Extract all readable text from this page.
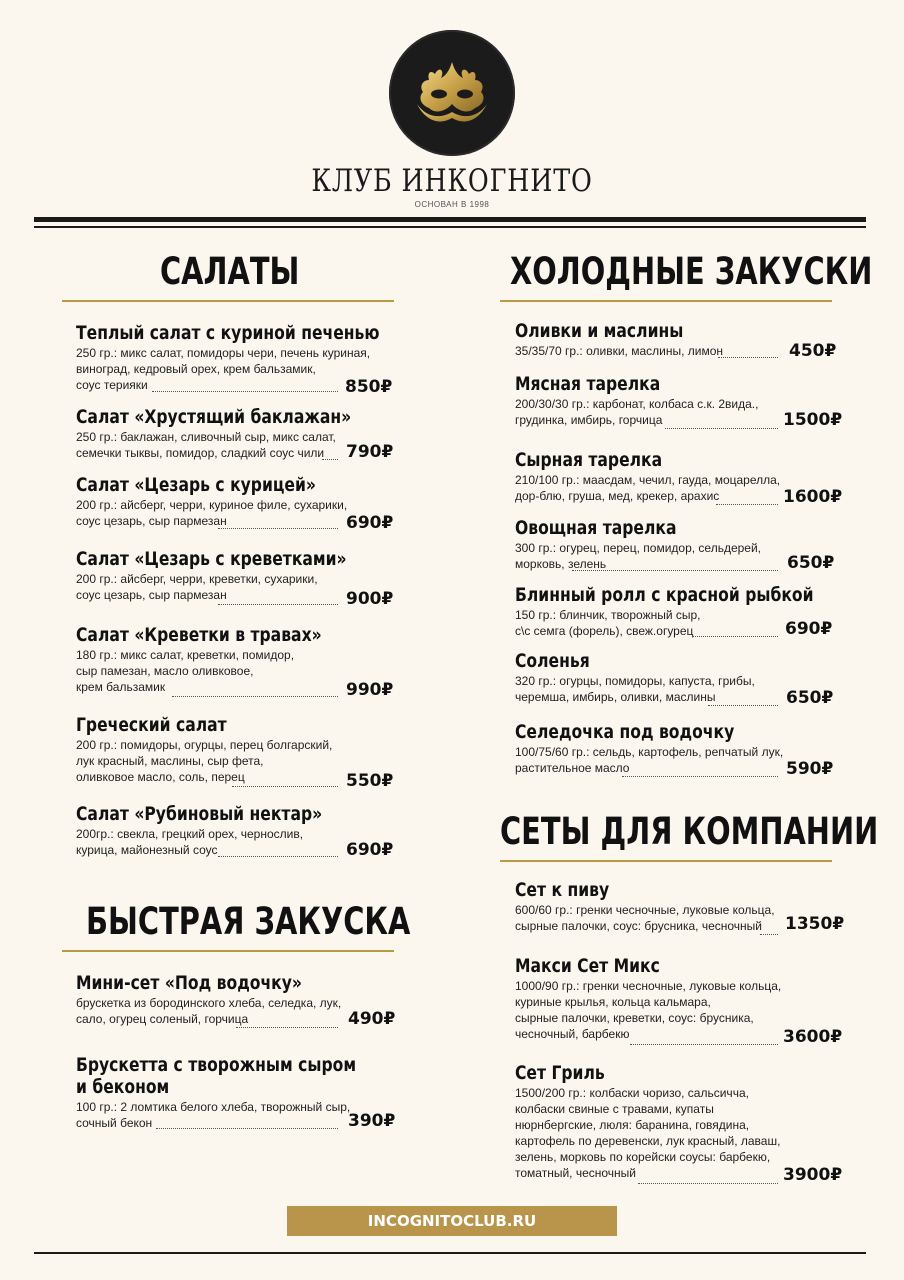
КЛУБ ИНКОГНИТО
ОСНОВАН В 1998
САЛАТЫ
Теплый салат с куриной печенью
250 гр.: микс салат, помидоры чери, печень куриная,
виноград, кедровый орех, крем бальзамик,
соус терияки	850₽
Салат «Хрустящий баклажан»
250 гр.: баклажан, сливочный сыр, микс салат,
семечки тыквы, помидор, сладкий соус чили	790₽
Салат «Цезарь с курицей»
200 гр.: айсберг, черри, куриное филе, сухарики,
соус цезарь, сыр пармезан	690₽
Салат «Цезарь с креветками»
200 гр.: айсберг, черри, креветки, сухарики,
соус цезарь, сыр пармезан	900₽
Салат «Креветки в травах»
180 гр.: микс салат, креветки, помидор,
сыр памезан, масло оливковое,
крем бальзамик	990₽
Греческий салат
200 гр.: помидоры, огурцы, перец болгарский,
лук красный, маслины, сыр фета,
оливковое масло, соль, перец	550₽
Салат «Рубиновый нектар»
200гр.: свекла, грецкий орех, чернослив,
курица, майонезный соус	690₽
БЫСТРАЯ ЗАКУСКА
Мини-сет «Под водочку»
брускетка из бородинского хлеба, селедка, лук,
сало, огурец соленый, горчица	490₽
Брускетта с творожным сыром
и беконом
100 гр.: 2 ломтика белого хлеба, творожный сыр,
сочный бекон	390₽
ХОЛОДНЫЕ ЗАКУСКИ
Оливки и маслины
35/35/70 гр.: оливки, маслины, лимон	450₽
Мясная тарелка
200/30/30 гр.: карбонат, колбаса с.к. 2вида.,
грудинка, имбирь, горчица	1500₽
Сырная тарелка
210/100 гр.: маасдам, чечил, гауда, моцарелла,
дор-блю, груша, мед, крекер, арахис	1600₽
Овощная тарелка
300 гр.: огурец, перец, помидор, сельдерей,
морковь, зелень	650₽
Блинный ролл с красной рыбкой
150 гр.: блинчик, творожный сыр,
с\с семга (форель), свеж.огурец	690₽
Соленья
320 гр.: огурцы, помидоры, капуста, грибы,
черемша, имбирь, оливки, маслины	650₽
Селедочка под водочку
100/75/60 гр.: сельдь, картофель, репчатый лук,
растительное масло	590₽
СЕТЫ ДЛЯ КОМПАНИИ
Сет к пиву
600/60 гр.: гренки чесночные, луковые кольца,
сырные палочки, соус: брусника, чесночный	1350₽
Макси Сет Микс
1000/90 гр.: гренки чесночные, луковые кольца,
куриные крылья, кольца кальмара,
сырные палочки, креветки, соус: брусника,
чесночный, барбекю	3600₽
Сет Гриль
1500/200 гр.: колбаски чоризо, сальсичча,
колбаски свиные с травами, купаты
нюрнбергские, люля: баранина, говядина,
картофель по деревенски, лук красный, лаваш,
зелень, морковь по корейски соусы: барбекю,
томатный, чесночный	3900₽
INCOGNITOCLUB.RU
